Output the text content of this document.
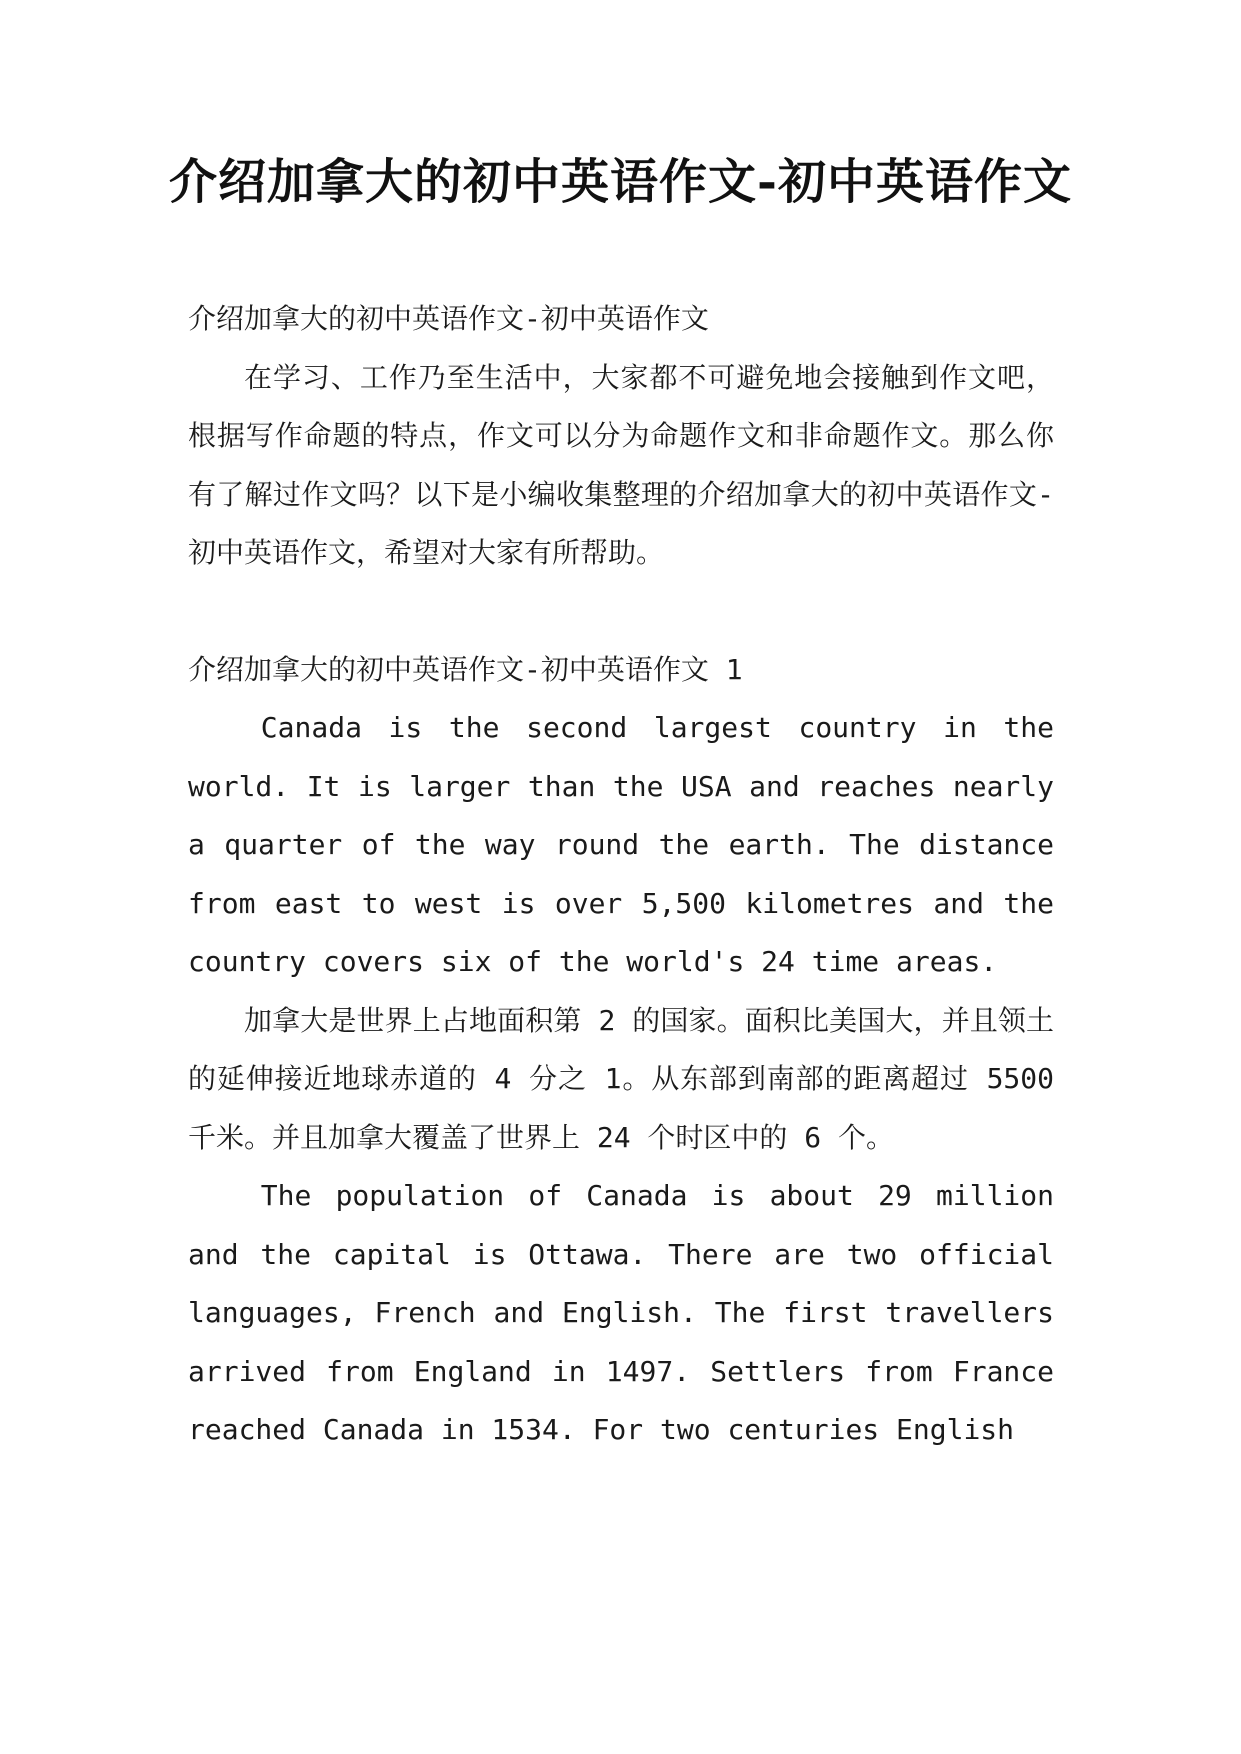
介绍加拿大的初中英语作文-初中英语作文

介绍加拿大的初中英语作文-初中英语作文

在学习、工作乃至生活中，大家都不可避免地会接触到作文吧，根据写作命题的特点，作文可以分为命题作文和非命题作文。那么你有了解过作文吗？以下是小编收集整理的介绍加拿大的初中英语作文-初中英语作文，希望对大家有所帮助。

介绍加拿大的初中英语作文-初中英语作文 1

Canada is the second largest country in the world. It is larger than the USA and reaches nearly a quarter of the way round the earth. The distance from east to west is over 5,500 kilometres and the country covers six of the world's 24 time areas.

加拿大是世界上占地面积第 2 的国家。面积比美国大，并且领土的延伸接近地球赤道的 4 分之 1。从东部到南部的距离超过 5500 千米。并且加拿大覆盖了世界上 24 个时区中的 6 个。

The population of Canada is about 29 million and the capital is Ottawa. There are two official languages, French and English. The first travellers arrived from England in 1497. Settlers from France reached Canada in 1534. For two centuries English
